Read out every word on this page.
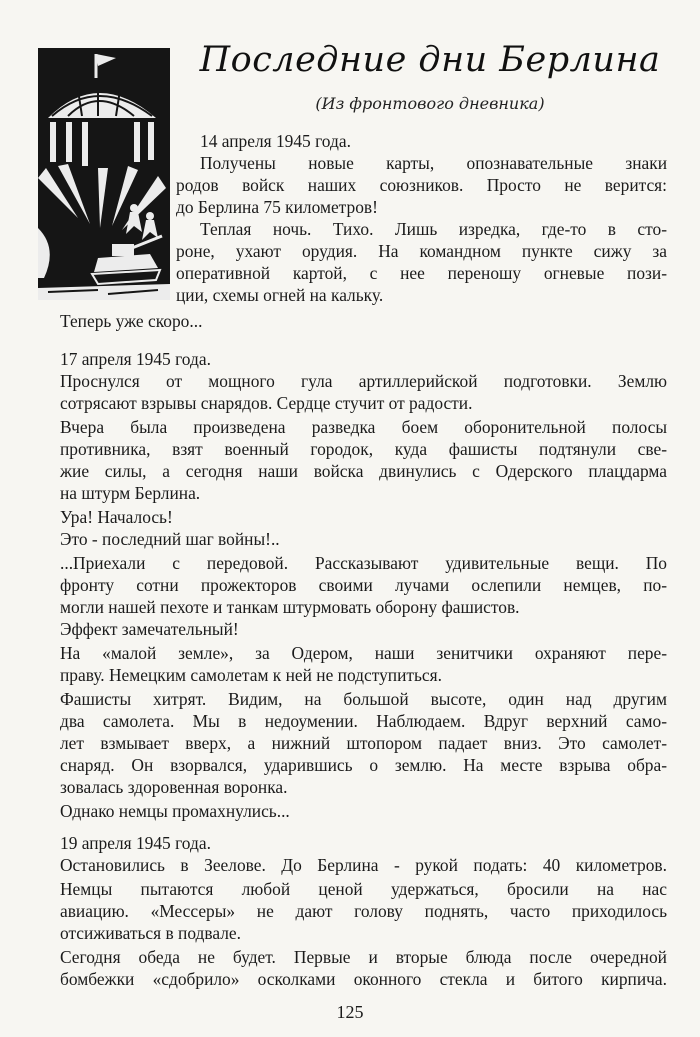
Последние дни Берлина
(Из фронтового дневника)
14 апреля 1945 года.
Получены новые карты, опознавательные знаки
родов войск наших союзников. Просто не верится:
до Берлина 75 километров!
Теплая ночь. Тихо. Лишь изредка, где-то в сто-
роне, ухают орудия. На командном пункте сижу за
оперативной картой, с нее переношу огневые пози-
ции, схемы огней на кальку.
Теперь уже скоро...
17 апреля 1945 года.
Проснулся от мощного гула артиллерийской подготовки. Землю
сотрясают взрывы снарядов. Сердце стучит от радости.
Вчера была произведена разведка боем оборонительной полосы
противника, взят военный городок, куда фашисты подтянули све-
жие силы, а сегодня наши войска двинулись с Одерского плацдарма
на штурм Берлина.
Ура! Началось!
Это - последний шаг войны!..
...Приехали с передовой. Рассказывают удивительные вещи. По
фронту сотни прожекторов своими лучами ослепили немцев, по-
могли нашей пехоте и танкам штурмовать оборону фашистов.
Эффект замечательный!
На «малой земле», за Одером, наши зенитчики охраняют пере-
праву. Немецким самолетам к ней не подступиться.
Фашисты хитрят. Видим, на большой высоте, один над другим
два самолета. Мы в недоумении. Наблюдаем. Вдруг верхний само-
лет взмывает вверх, а нижний штопором падает вниз. Это самолет-
снаряд. Он взорвался, ударившись о землю. На месте взрыва обра-
зовалась здоровенная воронка.
Однако немцы промахнулись...
19 апреля 1945 года.
Остановились в Зеелове. До Берлина - рукой подать: 40 километров.
Немцы пытаются любой ценой удержаться, бросили на нас
авиацию. «Мессеры» не дают голову поднять, часто приходилось
отсиживаться в подвале.
Сегодня обеда не будет. Первые и вторые блюда после очередной
бомбежки «сдобрило» осколками оконного стекла и битого кирпича.
125
